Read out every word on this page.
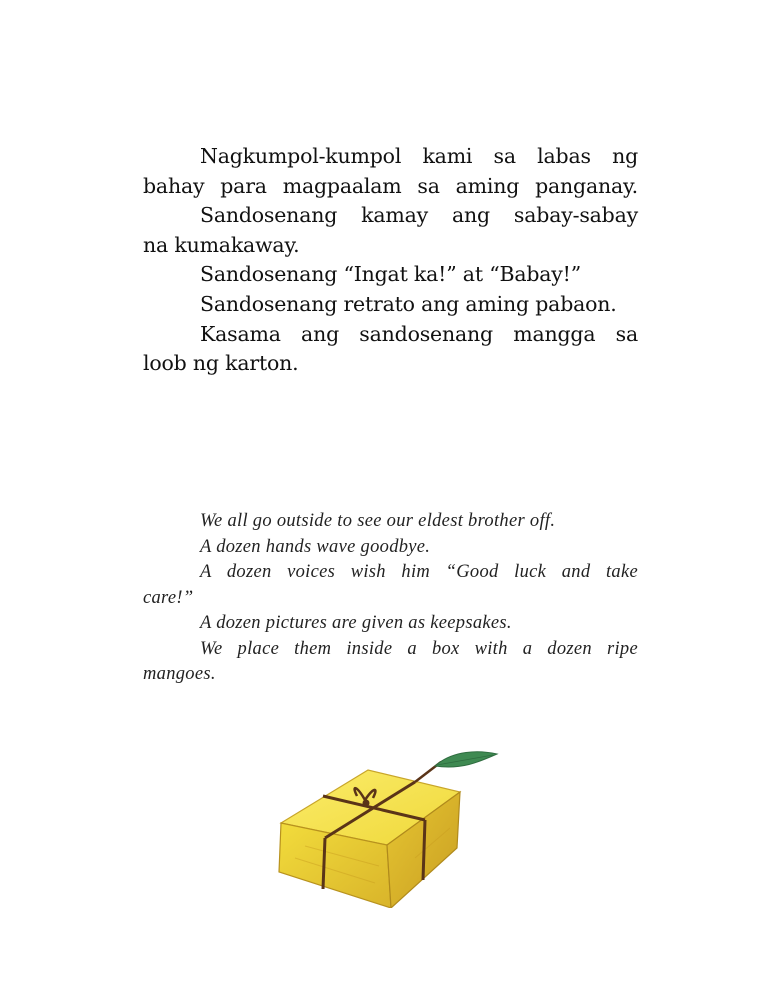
Nagkumpol-kumpol kami sa labas ng
bahay para magpaalam sa aming panganay.
Sandosenang kamay ang sabay-sabay
na kumakaway.
Sandosenang “Ingat ka!” at “Babay!”
Sandosenang retrato ang aming pabaon.
Kasama ang sandosenang mangga sa
loob ng karton.
We all go outside to see our eldest brother off.
A dozen hands wave goodbye.
A dozen voices wish him “Good luck and take
care!”
A dozen pictures are given as keepsakes.
We place them inside a box with a dozen ripe
mangoes.
